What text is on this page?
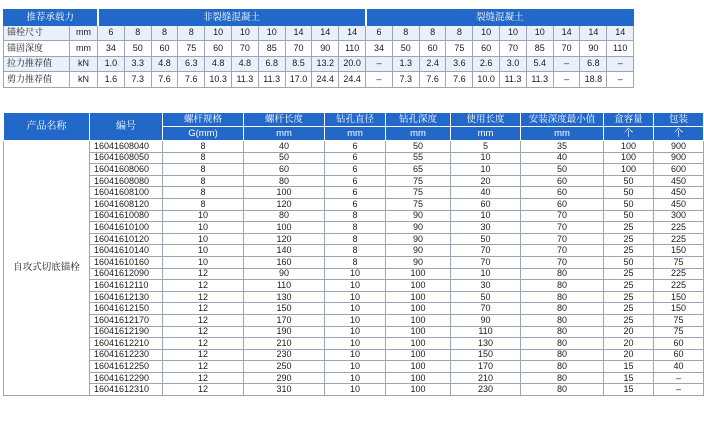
推荐承载力		非裂缝混凝土										裂缝混凝土									
锚栓尺寸	mm	6	8	8	8	10	10	10	14	14	14	6	8	8	8	10	10	10	14	14	14
锚固深度	mm	34	50	60	75	60	70	85	70	90	110	34	50	60	75	60	70	85	70	90	110
拉力推荐值	kN	1.0	3.3	4.8	6.3	4.8	4.8	6.8	8.5	13.2	20.0	–	1.3	2.4	3.6	2.6	3.0	5.4	–	6.8	–
剪力推荐值	kN	1.6	7.3	7.6	7.6	10.3	11.3	11.3	17.0	24.4	24.4	–	7.3	7.6	7.6	10.0	11.3	11.3	–	18.8	–
产品名称	编号	螺杆规格	螺杆长度	钻孔直径	钻孔深度	使用长度	安装深度最小值	盒容量	包装
		G(mm)	mm	mm	mm	mm	mm	个	个
自攻式切底锚栓	16041608040	8	40	6	50	5	35	100	900
	16041608050	8	50	6	55	10	40	100	900
	16041608060	8	60	6	65	10	50	100	600
	16041608080	8	80	6	75	20	60	50	450
	16041608100	8	100	6	75	40	60	50	450
	16041608120	8	120	6	75	60	60	50	450
	16041610080	10	80	8	90	10	70	50	300
	16041610100	10	100	8	90	30	70	25	225
	16041610120	10	120	8	90	50	70	25	225
	16041610140	10	140	8	90	70	70	25	150
	16041610160	10	160	8	90	70	70	50	75
	16041612090	12	90	10	100	10	80	25	225
	16041612110	12	110	10	100	30	80	25	225
	16041612130	12	130	10	100	50	80	25	150
	16041612150	12	150	10	100	70	80	25	150
	16041612170	12	170	10	100	90	80	25	75
	16041612190	12	190	10	100	110	80	20	75
	16041612210	12	210	10	100	130	80	20	60
	16041612230	12	230	10	100	150	80	20	60
	16041612250	12	250	10	100	170	80	15	40
	16041612290	12	290	10	100	210	80	15	–
	16041612310	12	310	10	100	230	80	15	–
